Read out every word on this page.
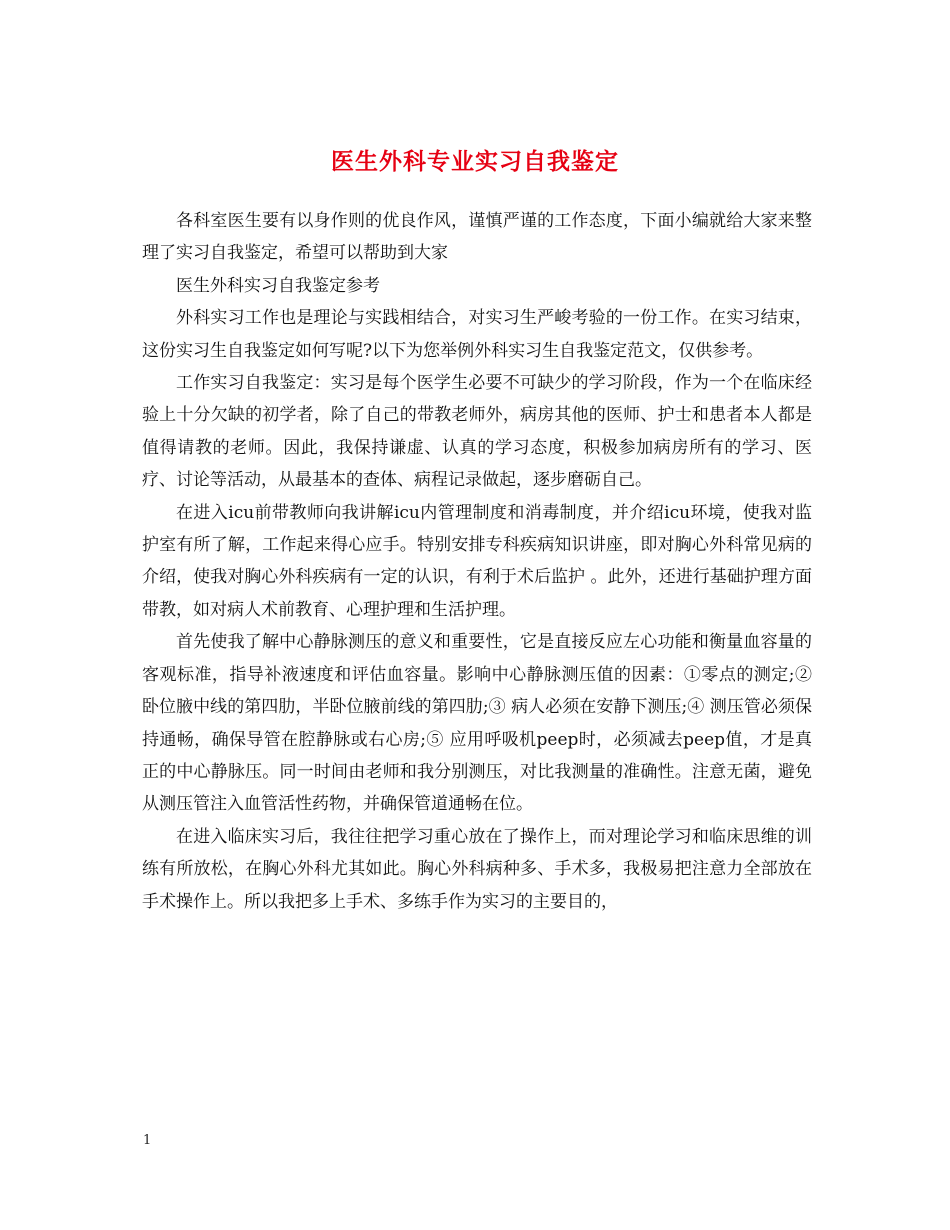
医生外科专业实习自我鉴定

各科室医生要有以身作则的优良作风，谨慎严谨的工作态度，下面小编就给大家来整理了实习自我鉴定，希望可以帮助到大家

医生外科实习自我鉴定参考

外科实习工作也是理论与实践相结合，对实习生严峻考验的一份工作。在实习结束，这份实习生自我鉴定如何写呢?以下为您举例外科实习生自我鉴定范文，仅供参考。

工作实习自我鉴定：实习是每个医学生必要不可缺少的学习阶段，作为一个在临床经验上十分欠缺的初学者，除了自己的带教老师外，病房其他的医师、护士和患者本人都是值得请教的老师。因此，我保持谦虚、认真的学习态度，积极参加病房所有的学习、医疗、讨论等活动，从最基本的查体、病程记录做起，逐步磨砺自己。

在进入icu前带教师向我讲解icu内管理制度和消毒制度，并介绍icu环境，使我对监护室有所了解，工作起来得心应手。特别安排专科疾病知识讲座，即对胸心外科常见病的介绍，使我对胸心外科疾病有一定的认识，有利于术后监护 。此外，还进行基础护理方面带教，如对病人术前教育、心理护理和生活护理。

首先使我了解中心静脉测压的意义和重要性，它是直接反应左心功能和衡量血容量的客观标准，指导补液速度和评估血容量。影响中心静脉测压值的因素：①零点的测定;② 卧位腋中线的第四肋，半卧位腋前线的第四肋;③ 病人必须在安静下测压;④ 测压管必须保持通畅，确保导管在腔静脉或右心房;⑤ 应用呼吸机peep时，必须减去peep值，才是真正的中心静脉压。同一时间由老师和我分别测压，对比我测量的准确性。注意无菌，避免从测压管注入血管活性药物，并确保管道通畅在位。

在进入临床实习后，我往往把学习重心放在了操作上，而对理论学习和临床思维的训练有所放松，在胸心外科尤其如此。胸心外科病种多、手术多，我极易把注意力全部放在手术操作上。所以我把多上手术、多练手作为实习的主要目的，

1
